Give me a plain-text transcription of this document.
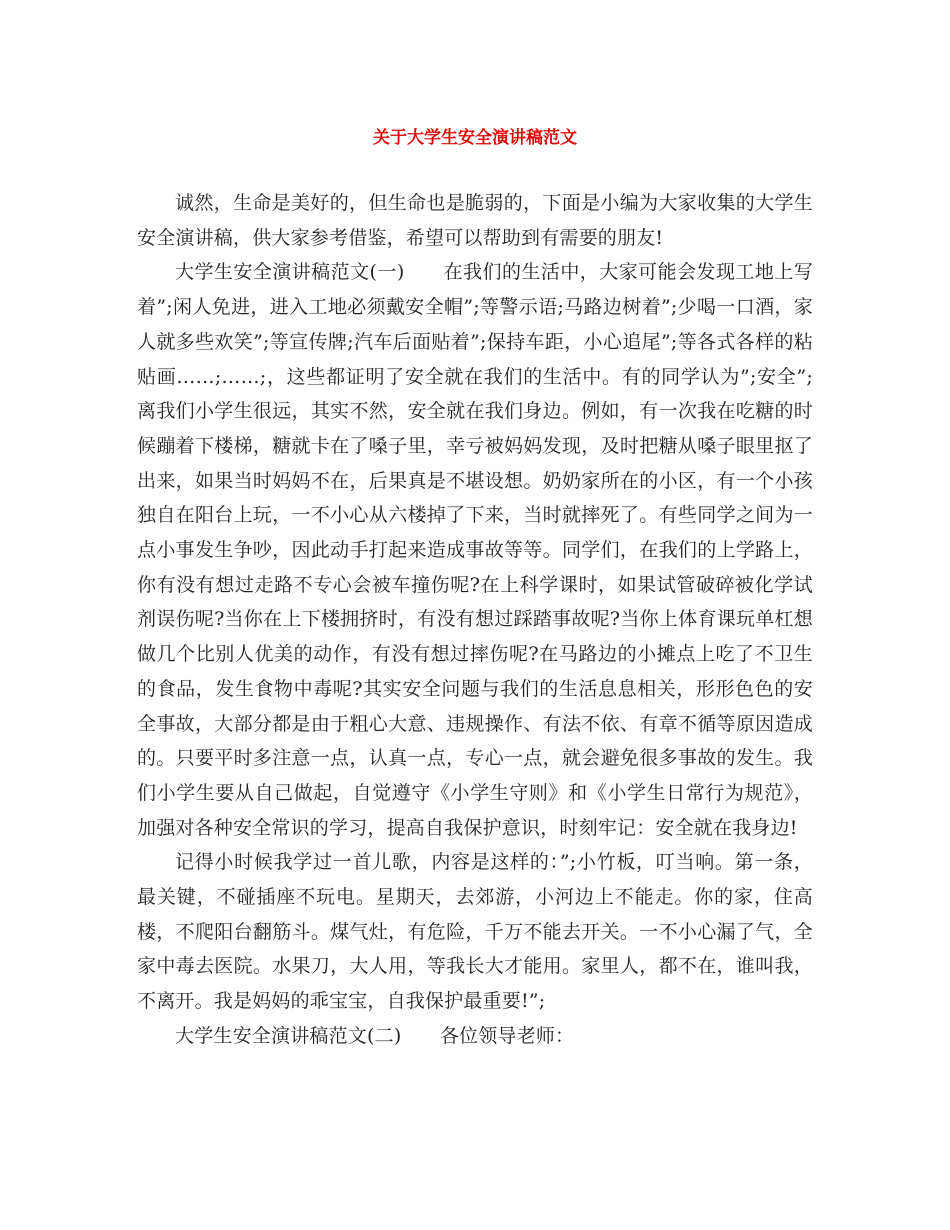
关于大学生安全演讲稿范文

诚然，生命是美好的，但生命也是脆弱的，下面是小编为大家收集的大学生安全演讲稿，供大家参考借鉴，希望可以帮助到有需要的朋友!

大学生安全演讲稿范文(一)　　在我们的生活中，大家可能会发现工地上写着”;闲人免进，进入工地必须戴安全帽”;等警示语;马路边树着”;少喝一口酒，家人就多些欢笑”;等宣传牌;汽车后面贴着”;保持车距，小心追尾”;等各式各样的粘贴画……;……;，这些都证明了安全就在我们的生活中。有的同学认为”;安全”;离我们小学生很远，其实不然，安全就在我们身边。例如，有一次我在吃糖的时候蹦着下楼梯，糖就卡在了嗓子里，幸亏被妈妈发现，及时把糖从嗓子眼里抠了出来，如果当时妈妈不在，后果真是不堪设想。奶奶家所在的小区，有一个小孩独自在阳台上玩，一不小心从六楼掉了下来，当时就摔死了。有些同学之间为一点小事发生争吵，因此动手打起来造成事故等等。同学们，在我们的上学路上，你有没有想过走路不专心会被车撞伤呢?在上科学课时，如果试管破碎被化学试剂误伤呢?当你在上下楼拥挤时，有没有想过踩踏事故呢?当你上体育课玩单杠想做几个比别人优美的动作，有没有想过摔伤呢?在马路边的小摊点上吃了不卫生的食品，发生食物中毒呢?其实安全问题与我们的生活息息相关，形形色色的安全事故，大部分都是由于粗心大意、违规操作、有法不依、有章不循等原因造成的。只要平时多注意一点，认真一点，专心一点，就会避免很多事故的发生。我们小学生要从自己做起，自觉遵守《小学生守则》和《小学生日常行为规范》，加强对各种安全常识的学习，提高自我保护意识，时刻牢记：安全就在我身边!

记得小时候我学过一首儿歌，内容是这样的：”;小竹板，叮当响。第一条，最关键，不碰插座不玩电。星期天，去郊游，小河边上不能走。你的家，住高楼，不爬阳台翻筋斗。煤气灶，有危险，千万不能去开关。一不小心漏了气，全家中毒去医院。水果刀，大人用，等我长大才能用。家里人，都不在，谁叫我，不离开。我是妈妈的乖宝宝，自我保护最重要!”;

大学生安全演讲稿范文(二)　　各位领导老师：
